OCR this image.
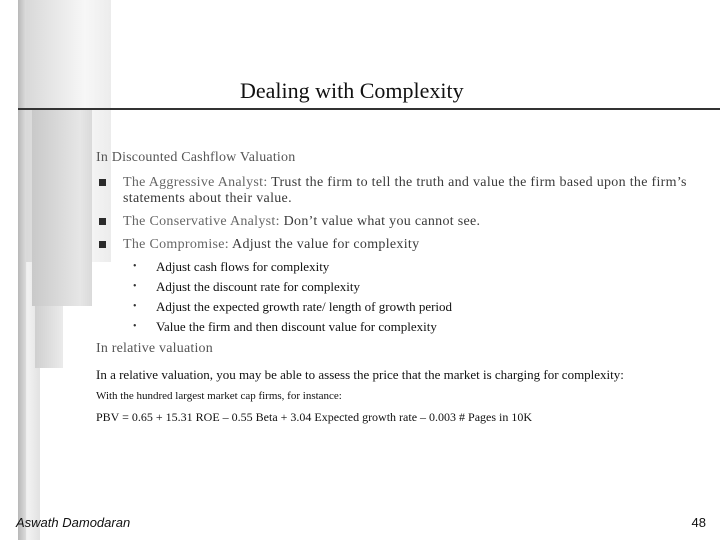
Dealing with Complexity
In Discounted Cashflow Valuation
The Aggressive Analyst: Trust the firm to tell the truth and value the firm based upon the firm’s statements about their value.
The Conservative Analyst: Don’t value what you cannot see.
The Compromise: Adjust the value for complexity
• Adjust cash flows for complexity
• Adjust the discount rate for complexity
• Adjust the expected growth rate/ length of growth period
• Value the firm and then discount value for complexity
In relative valuation
In a relative valuation, you may be able to assess the price that the market is charging for complexity:
With the hundred largest market cap firms, for instance:
PBV = 0.65 + 15.31 ROE – 0.55 Beta + 3.04 Expected growth rate – 0.003 # Pages in 10K
Aswath Damodaran	48
